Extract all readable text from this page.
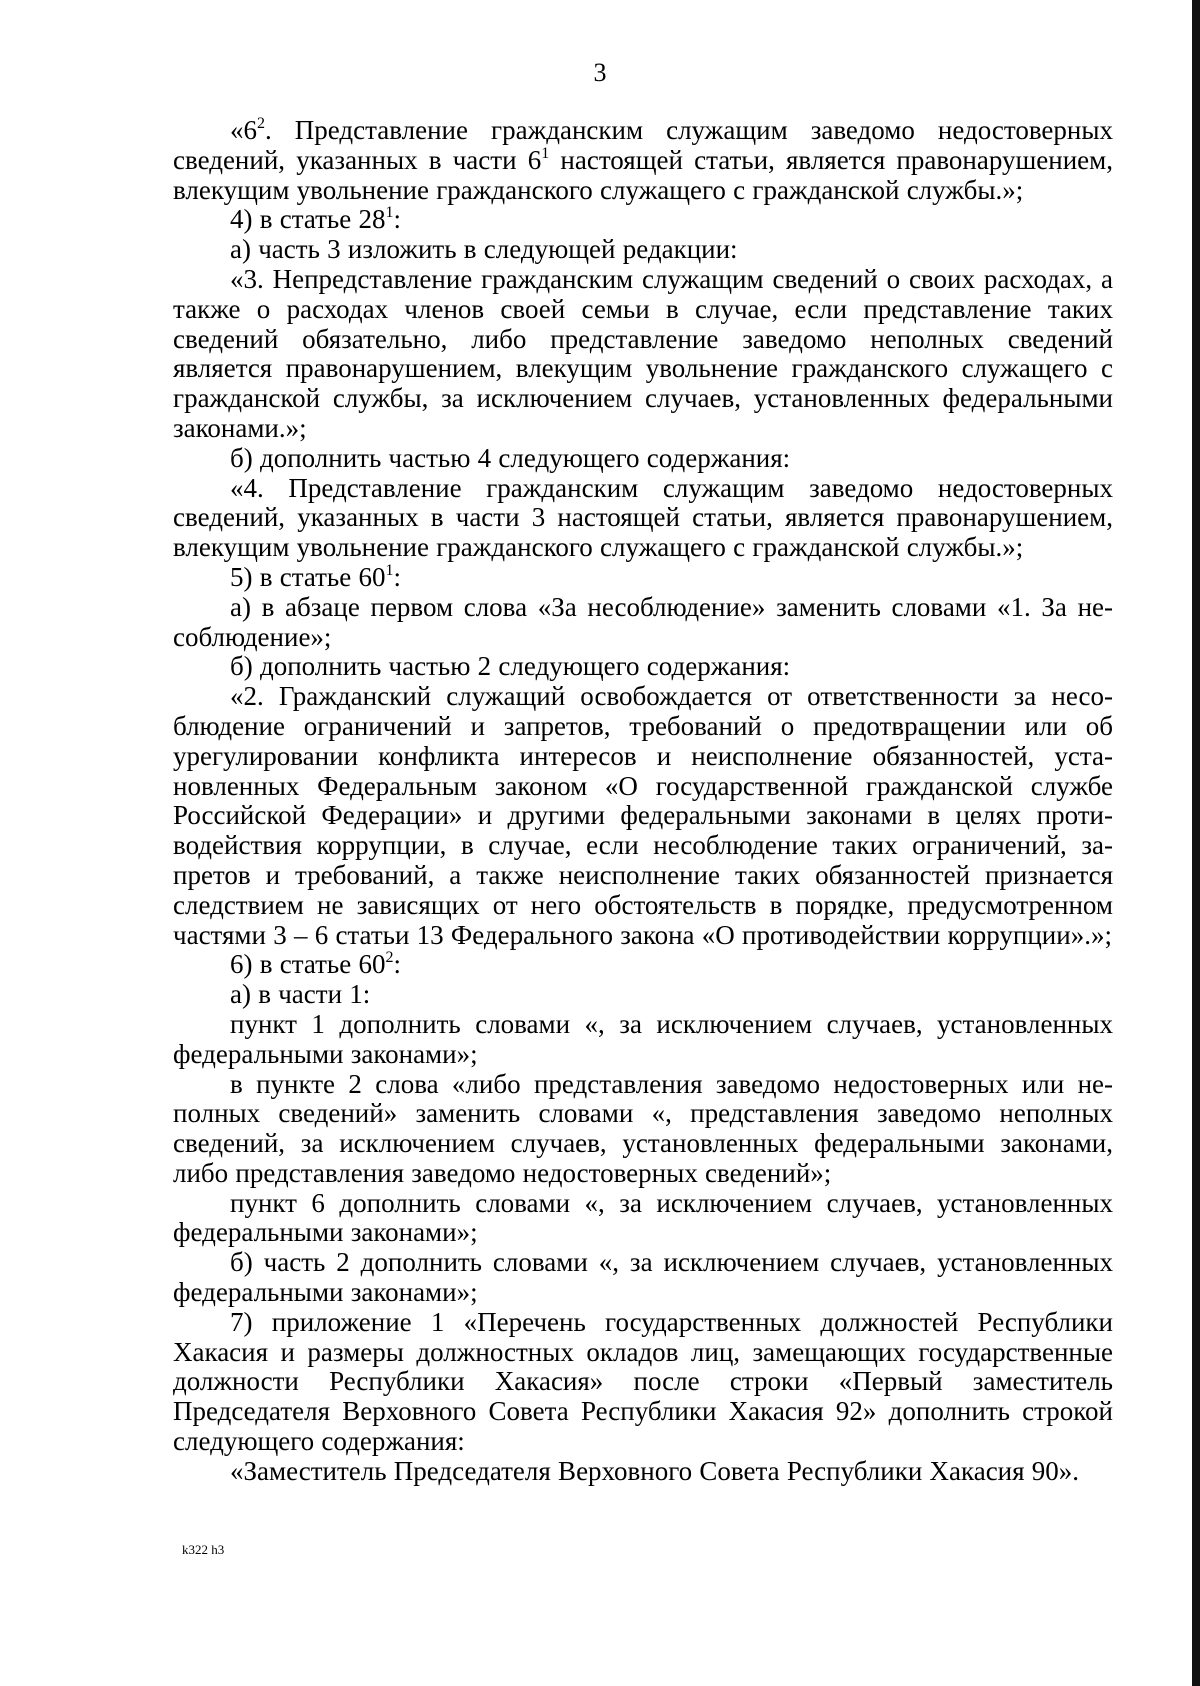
3

«$6^2$. Представление гражданским служащим заведомо недостоверных сведений, указанных в части $6^1$ настоящей статьи, является правонарушением, влекущим увольнение гражданского служащего с гражданской службы.»;

4) в статье $28^1$:

а) часть 3 изложить в следующей редакции:

«3. Непредставление гражданским служащим сведений о своих расходах, а также о расходах членов своей семьи в случае, если представление таких сведений обязательно, либо представление заведомо неполных сведений является правонарушением, влекущим увольнение гражданского служащего с гражданской службы, за исключением случаев, установленных федеральными законами.»;

б) дополнить частью 4 следующего содержания:

«4. Представление гражданским служащим заведомо недостоверных сведений, указанных в части 3 настоящей статьи, является правонарушением, влекущим увольнение гражданского служащего с гражданской службы.»;

5) в статье $60^1$:

а) в абзаце первом слова «За несоблюдение» заменить словами «1. За несоблюдение»;

б) дополнить частью 2 следующего содержания:

«2. Гражданский служащий освобождается от ответственности за несоблюдение ограничений и запретов, требований о предотвращении или об урегулировании конфликта интересов и неисполнение обязанностей, установленных Федеральным законом «О государственной гражданской службе Российской Федерации» и другими федеральными законами в целях противодействия коррупции, в случае, если несоблюдение таких ограничений, запретов и требований, а также неисполнение таких обязанностей признается следствием не зависящих от него обстоятельств в порядке, предусмотренном частями 3 – 6 статьи 13 Федерального закона «О противодействии коррупции».»;

6) в статье $60^2$:

а) в части 1:

пункт 1 дополнить словами «, за исключением случаев, установленных федеральными законами»;

в пункте 2 слова «либо представления заведомо недостоверных или неполных сведений» заменить словами «, представления заведомо неполных сведений, за исключением случаев, установленных федеральными законами, либо представления заведомо недостоверных сведений»;

пункт 6 дополнить словами «, за исключением случаев, установленных федеральными законами»;

б) часть 2 дополнить словами «, за исключением случаев, установленных федеральными законами»;

7) приложение 1 «Перечень государственных должностей Республики Хакасия и размеры должностных окладов лиц, замещающих государственные должности Республики Хакасия» после строки «Первый заместитель Председателя Верховного Совета Республики Хакасия 92» дополнить строкой следующего содержания:

«Заместитель Председателя Верховного Совета Республики Хакасия 90».

k322 h3
